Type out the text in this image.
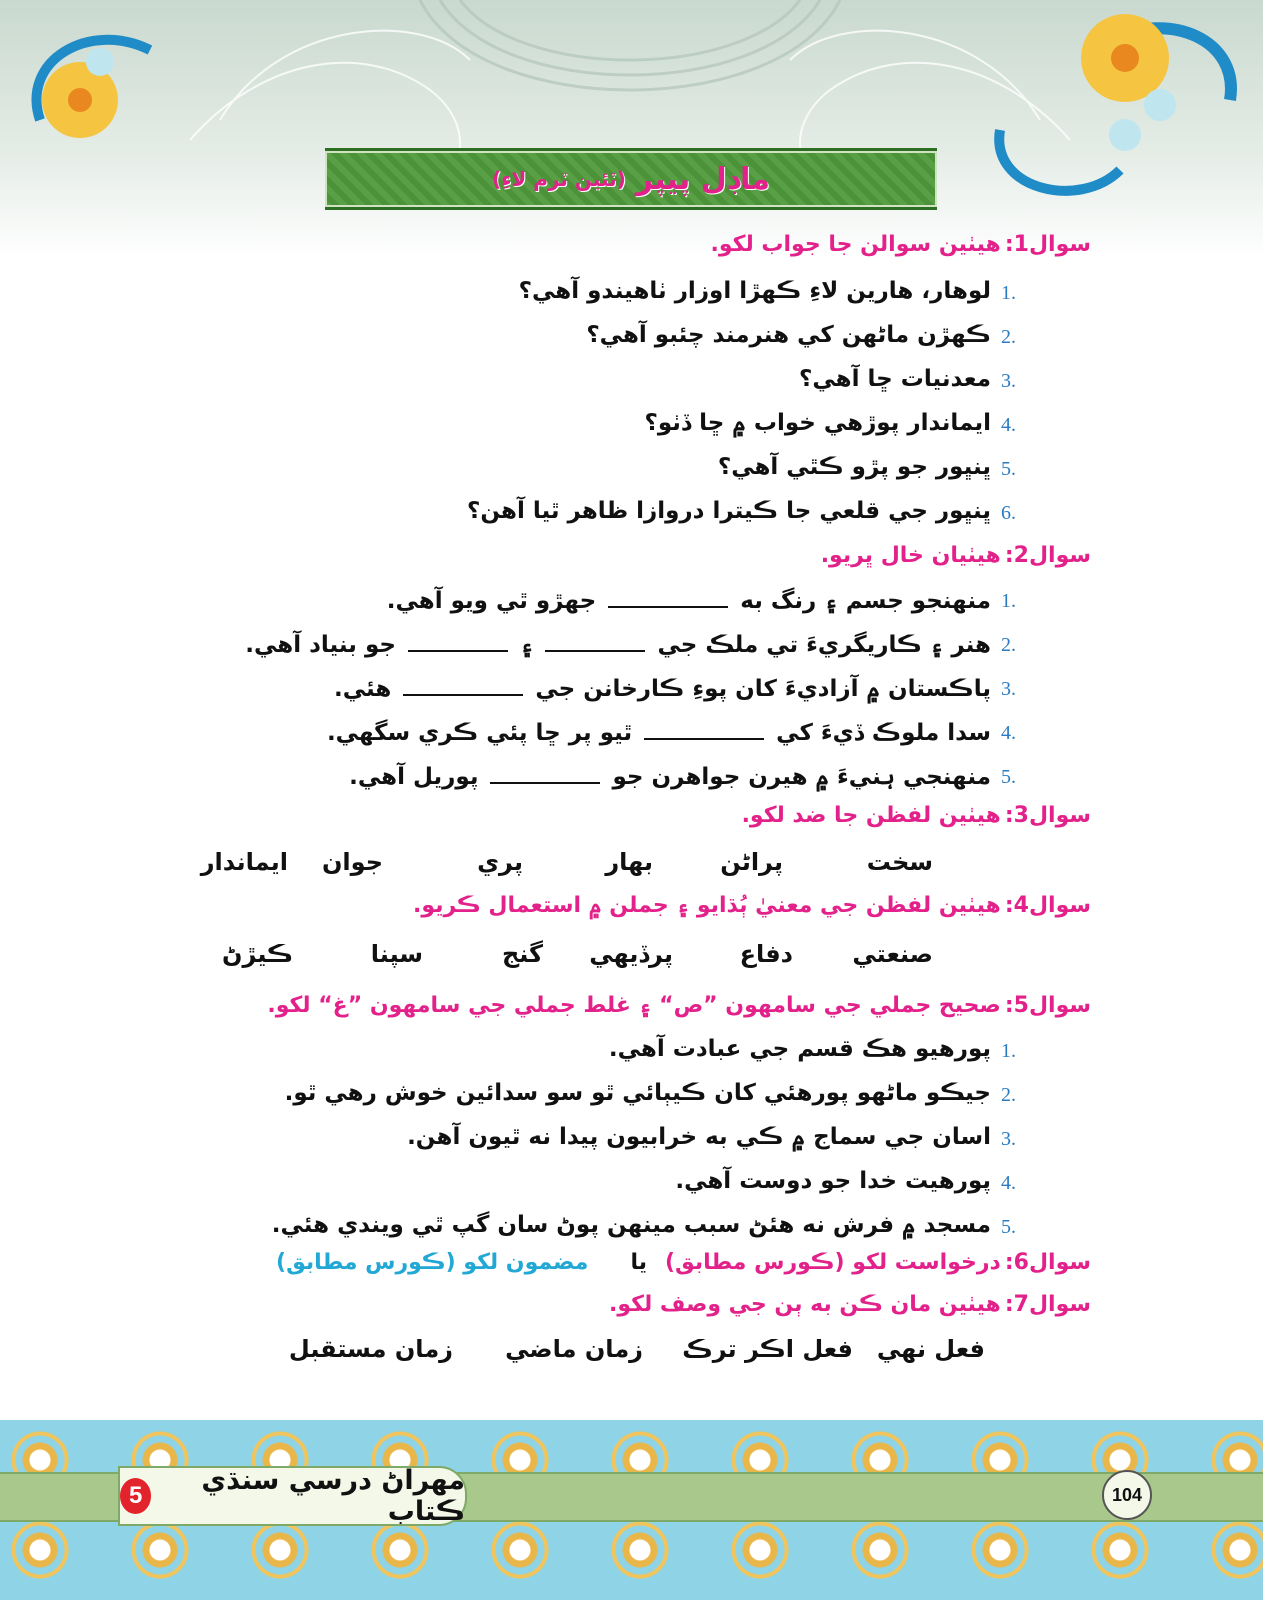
ماڊل پيپر
(ٽئين ٽرم لاءِ)
سوال1:
هيٺين سوالن جا جواب لکو.
1.
لوهار، هارين لاءِ ڪهڙا اوزار ٺاهيندو آهي؟
2.
ڪهڙن ماڻهن کي هنرمند چئبو آهي؟
3.
معدنيات ڇا آهي؟
4.
ايماندار پوڙهي خواب ۾ ڇا ڏٺو؟
5.
ڀنڀور جو پڙو ڪٿي آهي؟
6.
ڀنڀور جي قلعي جا ڪيترا دروازا ظاهر ٿيا آهن؟
سوال2:
هيٺيان خال ڀريو.
1.
منهنجو جسم ۽ رنگ به  جهڙو ٿي ويو آهي.
2.
هنر ۽ ڪاريگريءَ تي ملڪ جي  ۽  جو بنياد آهي.
3.
پاڪستان ۾ آزاديءَ کان پوءِ ڪارخانن جي  هئي.
4.
سدا ملوڪ ڏيءَ کي  ٿيو پر ڇا پئي ڪري سگهي.
5.
منهنجي ہنيءَ ۾ هيرن جواهرن جو  پوريل آهي.
سوال3:
هيٺين لفظن جا ضد لکو.
سخت
پراڻن
بهار
پري
جوان
ايماندار
سوال4:
هيٺين لفظن جي معنيٰ ٻُڌايو ۽ جملن ۾ استعمال ڪريو.
صنعتي
دفاع
پرڏيهي
گنج
سپنا
ڪيڙڻ
سوال5:
صحيح جملي جي سامهون ”ص“ ۽ غلط جملي جي سامهون ”غ“ لکو.
1.
پورهيو هڪ قسم جي عبادت آهي.
2.
جيڪو ماڻهو پورهئي کان ڪيٻائي ٿو سو سدائين خوش رهي ٿو.
3.
اسان جي سماج ۾ ڪي به خرابيون پيدا نه ٿيون آهن.
4.
پورهيت خدا جو دوست آهي.
5.
مسجد ۾ فرش نه هئڻ سبب مينهن پوڻ سان گپ ٿي ويندي هئي.
سوال6:
درخواست لکو (ڪورس مطابق)
يا
مضمون لکو (ڪورس مطابق)
سوال7:
هيٺين مان ڪن به ٻن جي وصف لکو.
فعل نهي
فعل اڪر ترڪ
زمان ماضي
زمان مستقبل
مهراڻ درسي سنڌي ڪتاب
5	104
